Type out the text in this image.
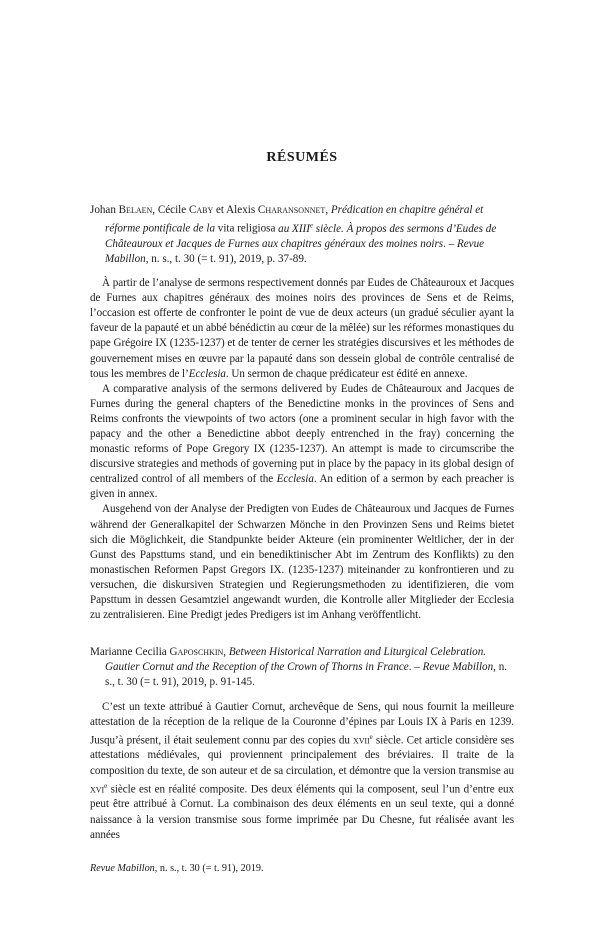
RÉSUMÉS
Johan Belaen, Cécile Caby et Alexis Charansonnet, Prédication en chapitre général et réforme pontificale de la vita religiosa au XIIIe siècle. À propos des sermons d’Eudes de Châteauroux et Jacques de Furnes aux chapitres généraux des moines noirs. – Revue Mabillon, n. s., t. 30 (= t. 91), 2019, p. 37-89.

À partir de l’analyse de sermons respectivement donnés par Eudes de Châteauroux et Jacques de Furnes aux chapitres généraux des moines noirs des provinces de Sens et de Reims, l’occasion est offerte de confronter le point de vue de deux acteurs (un gradué séculier ayant la faveur de la papauté et un abbé bénédictin au cœur de la mêlée) sur les réformes monastiques du pape Grégoire IX (1235-1237) et de tenter de cerner les stratégies discursives et les méthodes de gouvernement mises en œuvre par la papauté dans son dessein global de contrôle centralisé de tous les membres de l’Ecclesia. Un sermon de chaque prédicateur est édité en annexe.

A comparative analysis of the sermons delivered by Eudes de Châteauroux and Jacques de Furnes during the general chapters of the Benedictine monks in the provinces of Sens and Reims confronts the viewpoints of two actors (one a prominent secular in high favor with the papacy and the other a Benedictine abbot deeply entrenched in the fray) concerning the monastic reforms of Pope Gregory IX (1235-1237). An attempt is made to circumscribe the discursive strategies and methods of governing put in place by the papacy in its global design of centralized control of all members of the Ecclesia. An edition of a sermon by each preacher is given in annex.

Ausgehend von der Analyse der Predigten von Eudes de Châteauroux und Jacques de Furnes während der Generalkapitel der Schwarzen Mönche in den Provinzen Sens und Reims bietet sich die Möglichkeit, die Standpunkte beider Akteure (ein prominenter Weltlicher, der in der Gunst des Papsttums stand, und ein benediktinischer Abt im Zentrum des Konflikts) zu den monastischen Reformen Papst Gregors IX. (1235-1237) miteinander zu konfrontieren und zu versuchen, die diskursiven Strategien und Regierungsmethoden zu identifizieren, die vom Papsttum in dessen Gesamtziel angewandt wurden, die Kontrolle aller Mitglieder der Ecclesia zu zentralisieren. Eine Predigt jedes Predigers ist im Anhang veröffentlicht.

Marianne Cecilia Gaposchkin, Between Historical Narration and Liturgical Celebration. Gautier Cornut and the Reception of the Crown of Thorns in France. – Revue Mabillon, n. s., t. 30 (= t. 91), 2019, p. 91-145.

C’est un texte attribué à Gautier Cornut, archevêque de Sens, qui nous fournit la meilleure attestation de la réception de la relique de la Couronne d’épines par Louis IX à Paris en 1239. Jusqu’à présent, il était seulement connu par des copies du xvii$^e$ siècle. Cet article considère ses attestations médiévales, qui proviennent principalement des bréviaires. Il traite de la composition du texte, de son auteur et de sa circulation, et démontre que la version transmise au xvi$^e$ siècle est en réalité composite. Des deux éléments qui la composent, seul l’un d’entre eux peut être attribué à Cornut. La combinaison des deux éléments en un seul texte, qui a donné naissance à la version transmise sous forme imprimée par Du Chesne, fut réalisée avant les années

Revue Mabillon, n. s., t. 30 (= t. 91), 2019.
